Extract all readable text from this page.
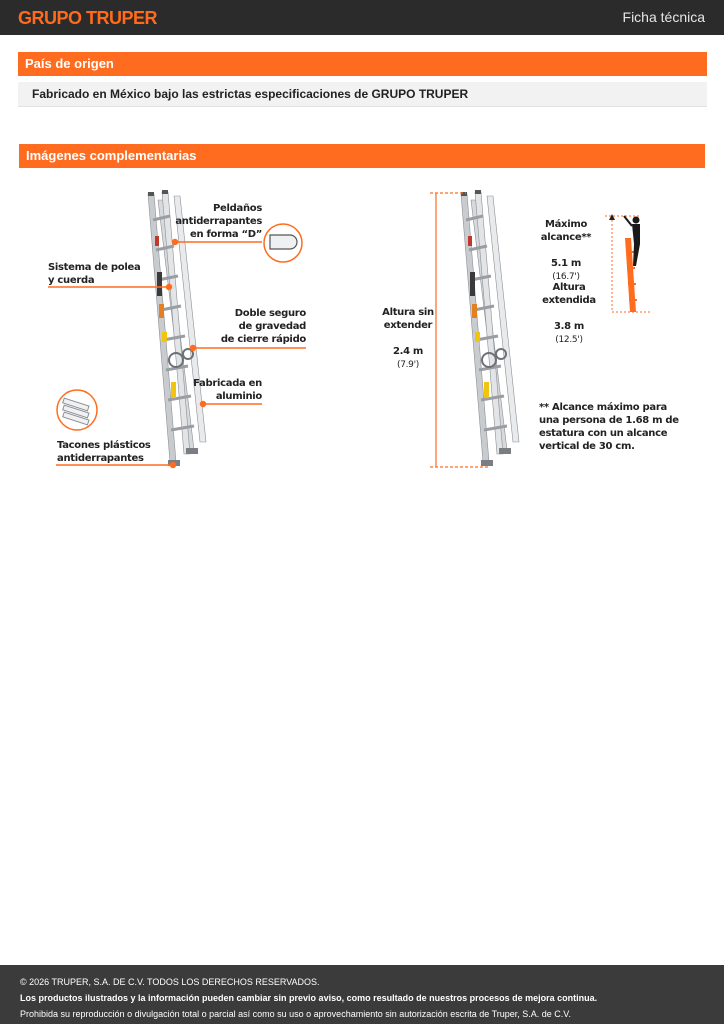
GRUPO TRUPER	Ficha técnica
País de origen
Fabricado en México bajo las estrictas especificaciones de GRUPO TRUPER
Imágenes complementarias
Peldaños
antiderrapantes
en forma “D”
Sistema de polea
y cuerda
Doble seguro
de gravedad
de cierre rápido
Fabricada en
aluminio
Tacones plásticos
antiderrapantes

Altura sin
extender

2.4 m
(7.9')

Máximo alcance**

5.1 m
(16.7')

Altura extendida

3.8 m
(12.5')

** Alcance máximo para
una persona de 1.68 m de
estatura con un alcance
vertical de 30 cm.
© 2026 TRUPER, S.A. DE C.V. TODOS LOS DERECHOS RESERVADOS.
Los productos ilustrados y la información pueden cambiar sin previo aviso, como resultado de nuestros procesos de mejora continua.
Prohibida su reproducción o divulgación total o parcial así como su uso o aprovechamiento sin autorización escrita de Truper, S.A. de C.V.
